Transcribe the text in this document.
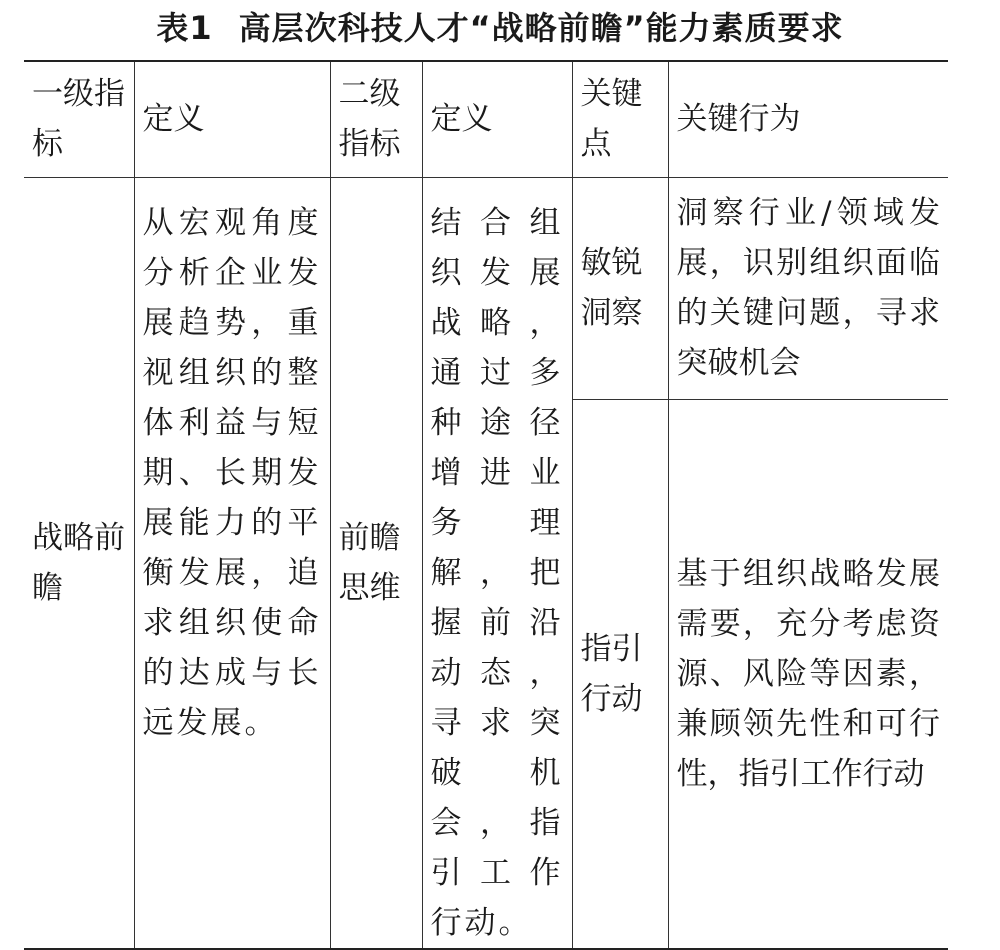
表1 高层次科技人才“战略前瞻”能力素质要求
一级指标	定义	二级指标	定义	关键点	关键行为
战略前瞻	从宏观角度分析企业发展趋势，重视组织的整体利益与短期、长期发展能力的平衡发展，追求组织使命的达成与长远发展。	前瞻思维	结合组织发展战略，通过多种途径增进业务理解，把握前沿动态，寻求突破机会，指引工作行动。	敏锐洞察	洞察行业/领域发展，识别组织面临的关键问题，寻求突破机会
				指引行动	基于组织战略发展需要，充分考虑资源、风险等因素，兼顾领先性和可行性，指引工作行动
